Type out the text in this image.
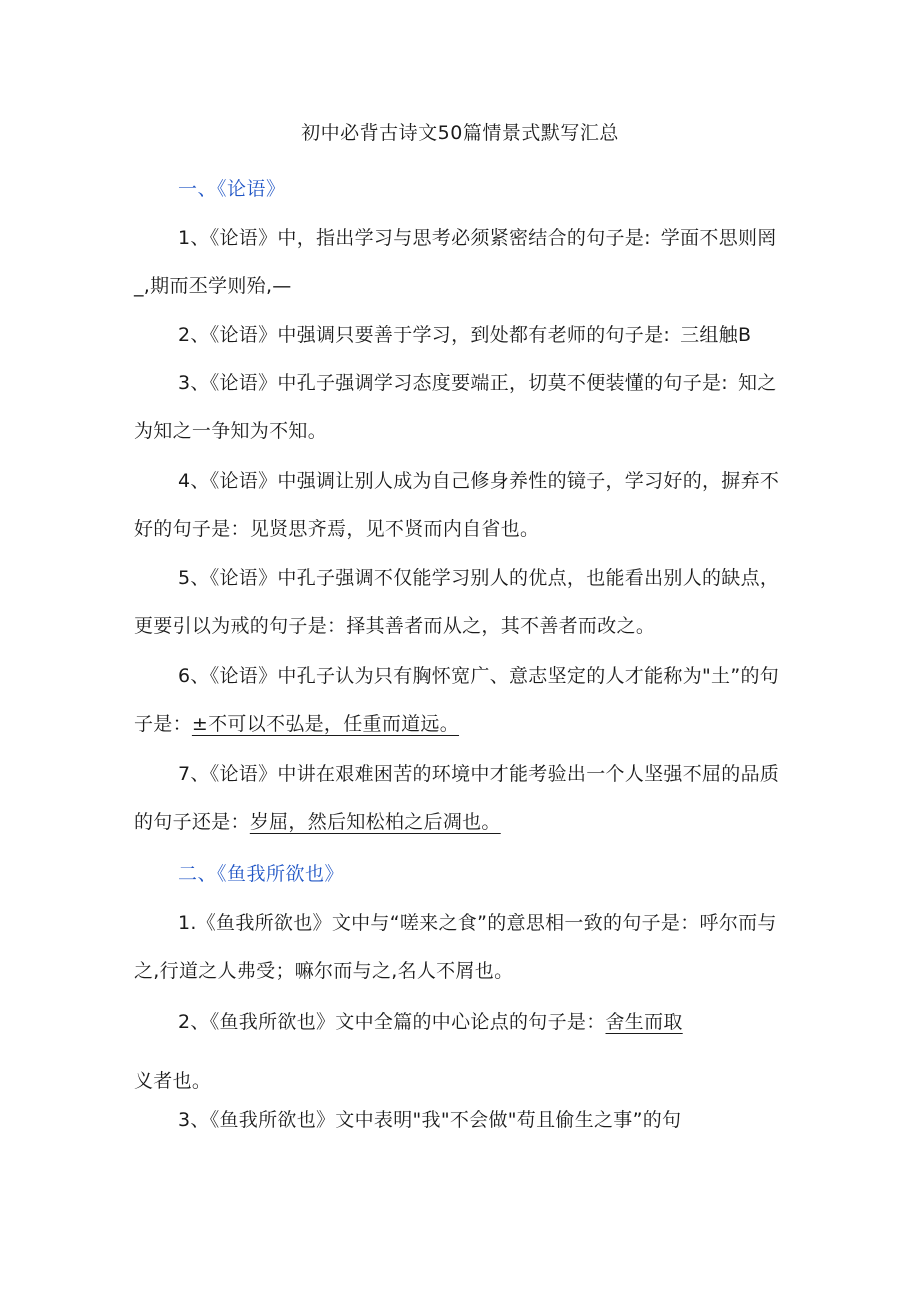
初中必背古诗文50篇情景式默写汇总
一、《论语》

1、《论语》中，指出学习与思考必须紧密结合的句子是: 学面不思则罔_,期而丕学则殆,—

2、《论语》中强调只要善于学习，到处都有老师的句子是: 三组触B

3、《论语》中孔子强调学习态度要端正，切莫不便装懂的句子是: 知之为知之一争知为不知。

4、《论语》中强调让别人成为自己修身养性的镜子，学习好的，摒弃不好的句子是：见贤思齐焉，见不贤而内自省也。

5、《论语》中孔子强调不仅能学习别人的优点，也能看出别人的缺点，更要引以为戒的句子是：择其善者而从之，其不善者而改之。

6、《论语》中孔子认为只有胸怀宽广、意志坚定的人才能称为"土”的句子是：±不可以不弘是，任重而道远。

7、《论语》中讲在艰难困苦的环境中才能考验出一个人坚强不屈的品质的句子还是：岁屈，然后知松柏之后凋也。

二、《鱼我所欲也》

1.《鱼我所欲也》文中与“嗟来之食”的意思相一致的句子是：呼尔而与之,行道之人弗受；嘛尔而与之,名人不屑也。

2、《鱼我所欲也》文中全篇的中心论点的句子是：舍生而取

义者也。

3、《鱼我所欲也》文中表明"我"不会做"苟且偷生之事”的句
